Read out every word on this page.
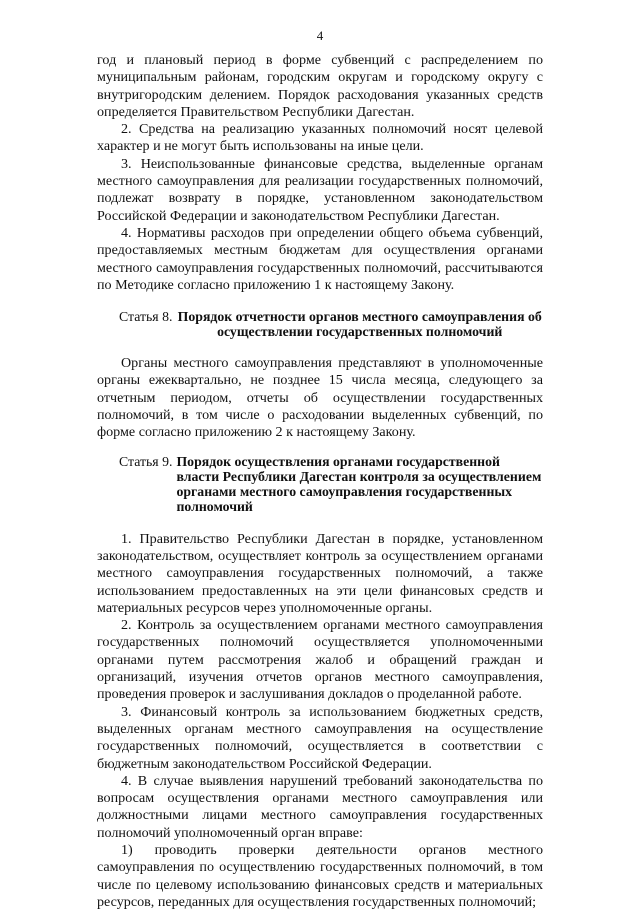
4

год и плановый период в форме субвенций с распределением по муниципальным районам, городским округам и городскому округу с внутригородским делением. Порядок расходования указанных средств определяется Правительством Республики Дагестан.

2. Средства на реализацию указанных полномочий носят целевой характер и не могут быть использованы на иные цели.

3. Неиспользованные финансовые средства, выделенные органам местного самоуправления для реализации государственных полномочий, подлежат возврату в порядке, установленном законодательством Российской Федерации и законодательством Республики Дагестан.

4. Нормативы расходов при определении общего объема субвенций, предоставляемых местным бюджетам для осуществления органами местного самоуправления государственных полномочий, рассчитываются по Методике согласно приложению 1 к настоящему Закону.

Статья 8. Порядок отчетности органов местного самоуправления об осуществлении государственных полномочий

Органы местного самоуправления представляют в уполномоченные органы ежеквартально, не позднее 15 числа месяца, следующего за отчетным периодом, отчеты об осуществлении государственных полномочий, в том числе о расходовании выделенных субвенций, по форме согласно приложению 2 к настоящему Закону.

Статья 9. Порядок осуществления органами государственной власти Республики Дагестан контроля за осуществлением органами местного самоуправления государственных полномочий

1. Правительство Республики Дагестан в порядке, установленном законодательством, осуществляет контроль за осуществлением органами местного самоуправления государственных полномочий, а также использованием предоставленных на эти цели финансовых средств и материальных ресурсов через уполномоченные органы.

2. Контроль за осуществлением органами местного самоуправления государственных полномочий осуществляется уполномоченными органами путем рассмотрения жалоб и обращений граждан и организаций, изучения отчетов органов местного самоуправления, проведения проверок и заслушивания докладов о проделанной работе.

3. Финансовый контроль за использованием бюджетных средств, выделенных органам местного самоуправления на осуществление государственных полномочий, осуществляется в соответствии с бюджетным законодательством Российской Федерации.

4. В случае выявления нарушений требований законодательства по вопросам осуществления органами местного самоуправления или должностными лицами местного самоуправления государственных полномочий уполномоченный орган вправе:

1) проводить проверки деятельности органов местного самоуправления по осуществлению государственных полномочий, в том числе по целевому использованию финансовых средств и материальных ресурсов, переданных для осуществления государственных полномочий;
